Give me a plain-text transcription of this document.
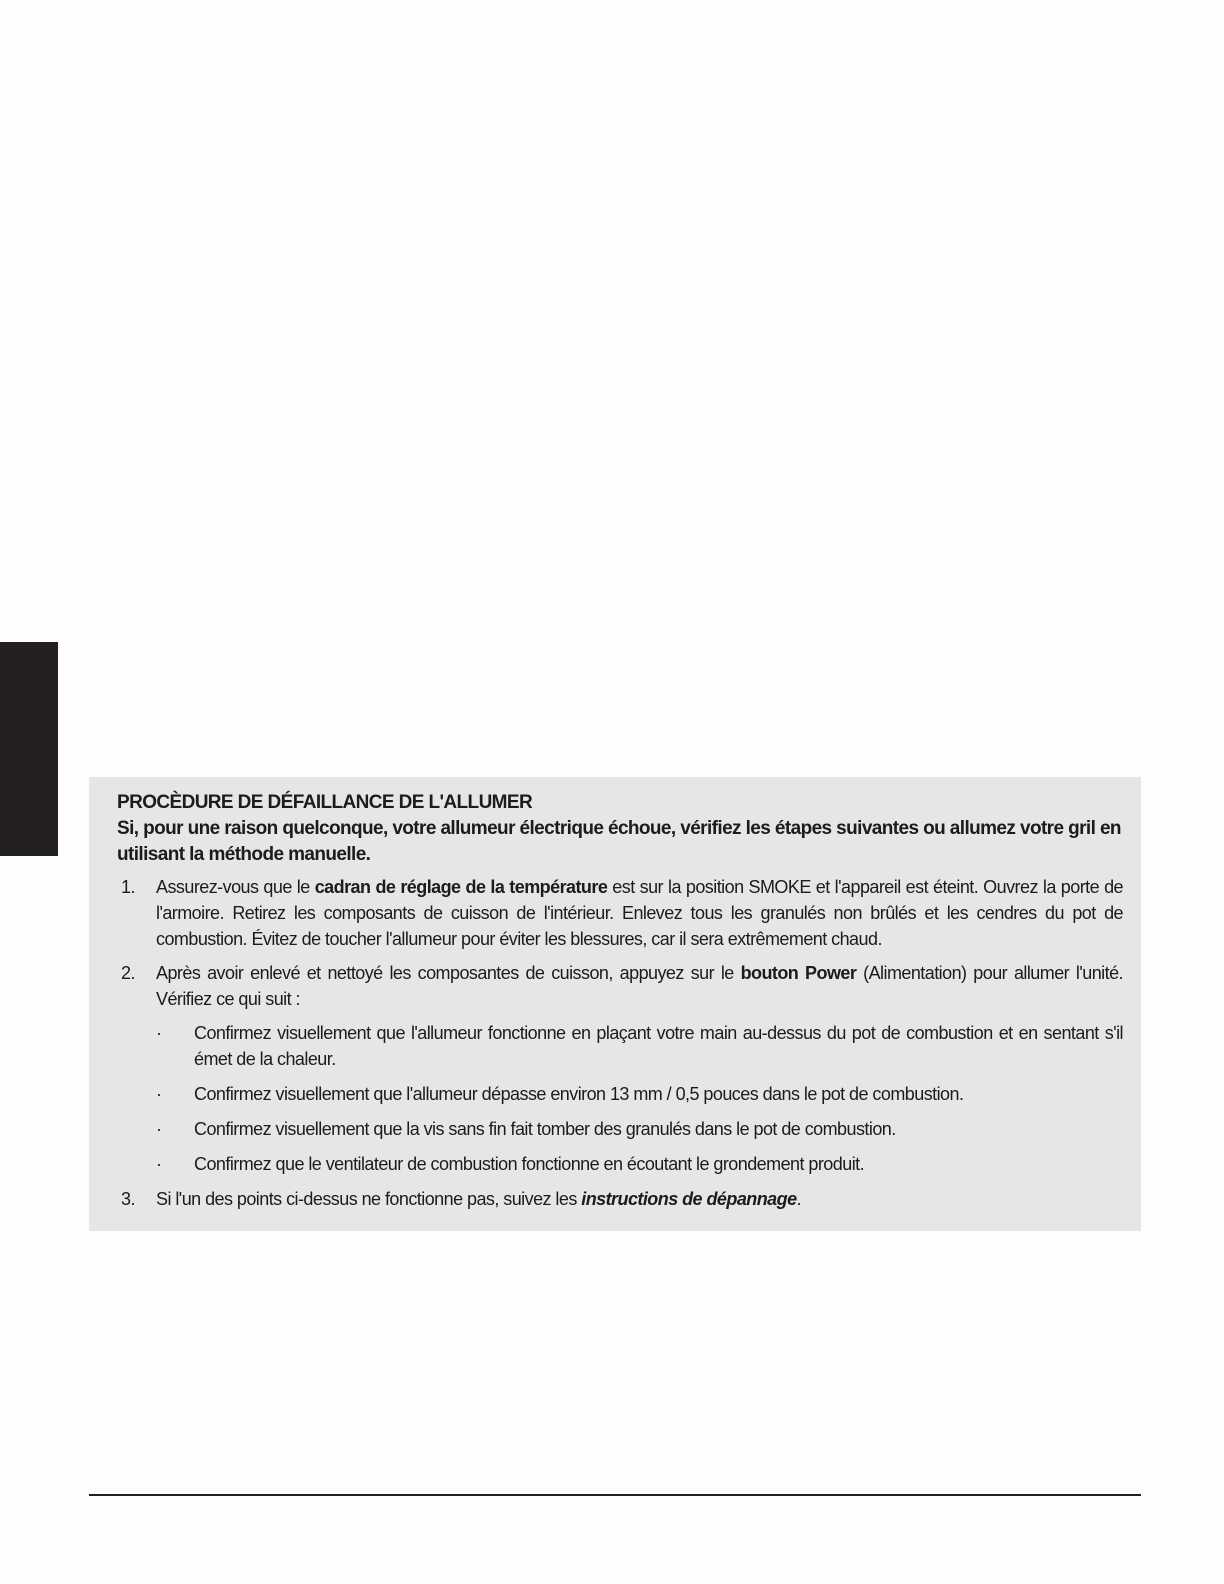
PROCÈDURE DE DÉFAILLANCE DE L'ALLUMER

Si, pour une raison quelconque, votre allumeur électrique échoue, vérifiez les étapes suivantes ou allumez votre gril en utilisant la méthode manuelle.

1. Assurez-vous que le cadran de réglage de la température est sur la position SMOKE et l'appareil est éteint. Ouvrez la porte de l'armoire. Retirez les composants de cuisson de l'intérieur. Enlevez tous les granulés non brûlés et les cendres du pot de combustion. Évitez de toucher l'allumeur pour éviter les blessures, car il sera extrêmement chaud.
2. Après avoir enlevé et nettoyé les composantes de cuisson, appuyez sur le bouton Power (Alimentation) pour allumer l'unité. Vérifiez ce qui suit :
· Confirmez visuellement que l'allumeur fonctionne en plaçant votre main au-dessus du pot de combustion et en sentant s'il émet de la chaleur.
· Confirmez visuellement que l'allumeur dépasse environ 13 mm / 0,5 pouces dans le pot de combustion.
· Confirmez visuellement que la vis sans fin fait tomber des granulés dans le pot de combustion.
· Confirmez que le ventilateur de combustion fonctionne en écoutant le grondement produit.
3. Si l'un des points ci-dessus ne fonctionne pas, suivez les instructions de dépannage.
